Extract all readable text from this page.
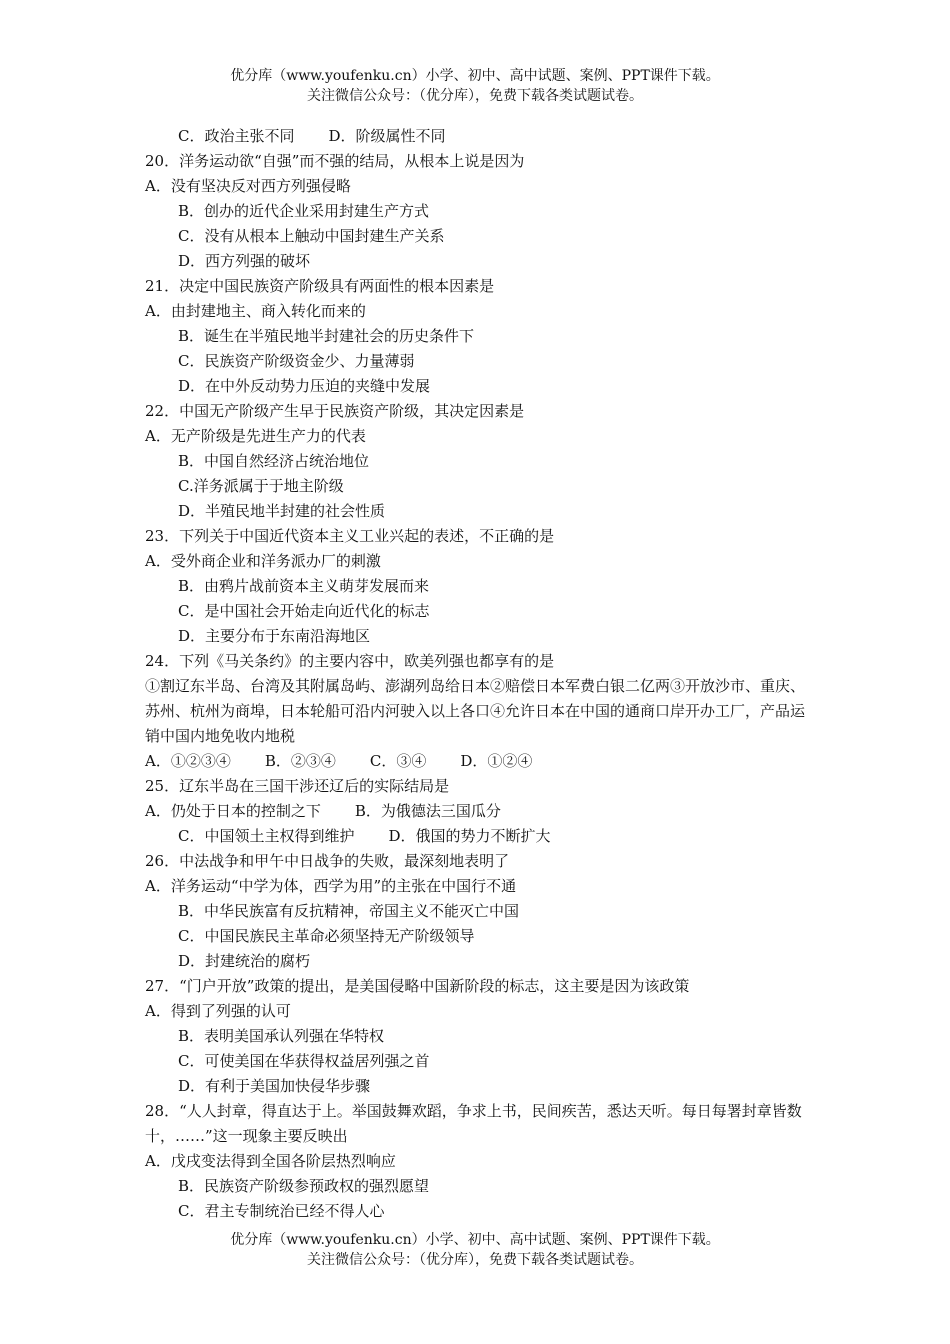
优分库（www.youfenku.cn）小学、初中、高中试题、案例、PPT课件下载。
关注微信公众号：（优分库），免费下载各类试题试卷。
C．政治主张不同 D．阶级属性不同
20．洋务运动欲“自强”而不强的结局，从根本上说是因为
A．没有坚决反对西方列强侵略
B．创办的近代企业采用封建生产方式
C．没有从根本上触动中国封建生产关系
D．西方列强的破坏
21．决定中国民族资产阶级具有两面性的根本因素是
A．由封建地主、商入转化而来的
B．诞生在半殖民地半封建社会的历史条件下
C．民族资产阶级资金少、力量薄弱
D．在中外反动势力压迫的夹缝中发展
22．中国无产阶级产生早于民族资产阶级，其决定因素是
A．无产阶级是先进生产力的代表
B．中国自然经济占统治地位
C.洋务派属于于地主阶级
D．半殖民地半封建的社会性质
23．下列关于中国近代资本主义工业兴起的表述，不正确的是
A．受外商企业和洋务派办厂的刺激
B．由鸦片战前资本主义萌芽发展而来
C．是中国社会开始走向近代化的标志
D．主要分布于东南沿海地区
24．下列《马关条约》的主要内容中，欧美列强也都享有的是
①割辽东半岛、台湾及其附属岛屿、澎湖列岛给日本②赔偿日本军费白银二亿两③开放沙市、重庆、苏州、杭州为商埠，日本轮船可沿内河驶入以上各口④允许日本在中国的通商口岸开办工厂，产品运销中国内地免收内地税
A．①②③④ B．②③④ C．③④ D．①②④
25．辽东半岛在三国干涉还辽后的实际结局是
A．仍处于日本的控制之下 B．为俄德法三国瓜分
C．中国领土主权得到维护 D．俄国的势力不断扩大
26．中法战争和甲午中日战争的失败，最深刻地表明了
A．洋务运动“中学为体，西学为用”的主张在中国行不通
B．中华民族富有反抗精神，帝国主义不能灭亡中国
C．中国民族民主革命必须坚持无产阶级领导
D．封建统治的腐朽
27．“门户开放”政策的提出，是美国侵略中国新阶段的标志，这主要是因为该政策
A．得到了列强的认可
B．表明美国承认列强在华特权
C．可使美国在华获得权益居列强之首
D．有利于美国加快侵华步骤
28．“人人封章，得直达于上。举国鼓舞欢蹈，争求上书，民间疾苦，悉达天听。每日每署封章皆数十，……”这一现象主要反映出
A．戊戌变法得到全国各阶层热烈响应
B．民族资产阶级参预政权的强烈愿望
C．君主专制统治已经不得人心
优分库（www.youfenku.cn）小学、初中、高中试题、案例、PPT课件下载。
关注微信公众号：（优分库），免费下载各类试题试卷。
